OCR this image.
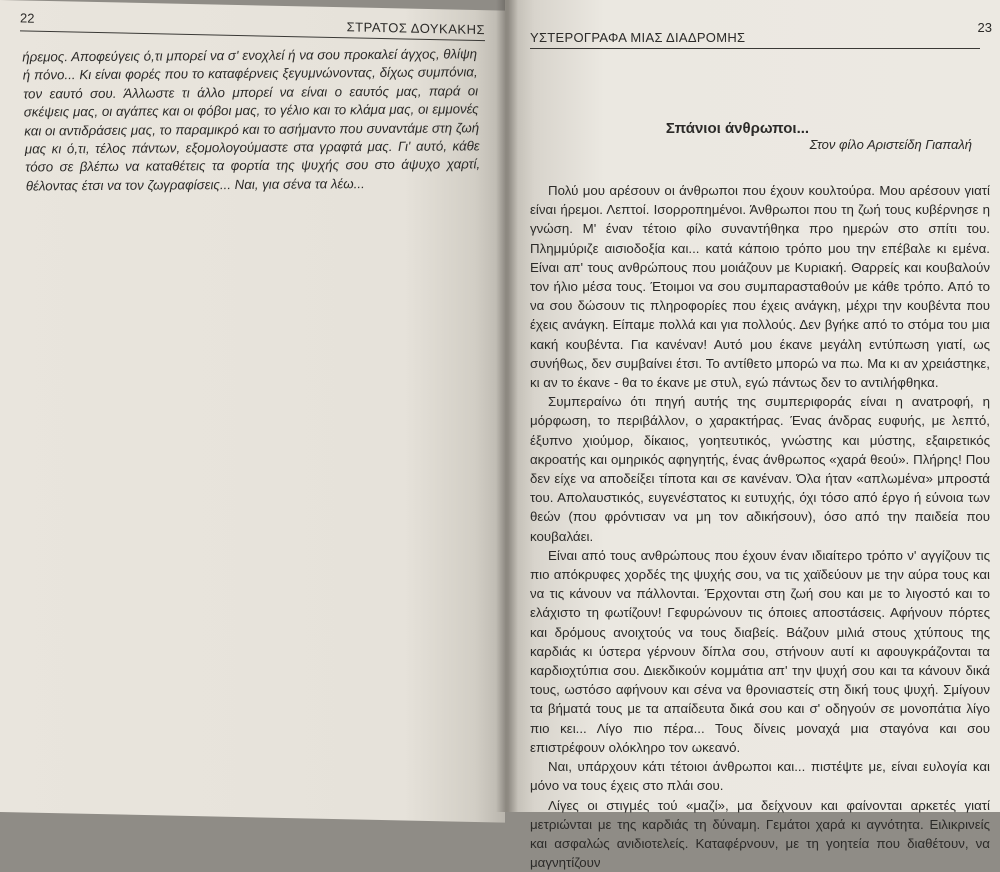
22
ΣΤΡΑΤΟΣ ΔΟΥΚΑΚΗΣ

ήρεμος. Αποφεύγεις ό,τι μπορεί να σ' ενοχλεί ή να σου προκαλεί άγχος, θλίψη ή πόνο... Κι είναι φορές που το καταφέρνεις ξεγυμνώνοντας, δίχως συμπόνια, τον εαυτό σου. Άλλωστε τι άλλο μπορεί να είναι ο εαυτός μας, παρά οι σκέψεις μας, οι αγάπες και οι φόβοι μας, το γέλιο και το κλάμα μας, οι εμμονές και οι αντιδράσεις μας, το παραμικρό και το ασήμαντο που συναντάμε στη ζωή μας κι ό,τι, τέλος πάντων, εξομολογούμαστε στα γραφτά μας. Γι' αυτό, κάθε τόσο σε βλέπω να καταθέτεις τα φορτία της ψυχής σου στο άψυχο χαρτί, θέλοντας έτσι να τον ζωγραφίσεις... Ναι, για σένα τα λέω...

ΥΣΤΕΡΟΓΡΑΦΑ ΜΙΑΣ ΔΙΑΔΡΟΜΗΣ
23
Σπάνιοι άνθρωποι...
Στον φίλο Αριστείδη Γιαπαλή

Πολύ μου αρέσουν οι άνθρωποι που έχουν κουλτούρα. Μου αρέσουν γιατί είναι ήρεμοι. Λεπτοί. Ισορροπημένοι. Άνθρωποι που τη ζωή τους κυβέρνησε η γνώση. Μ' έναν τέτοιο φίλο συναντήθηκα προ ημερών στο σπίτι του. Πλημμύριζε αισιοδοξία και... κατά κάποιο τρόπο μου την επέβαλε κι εμένα. Είναι απ' τους ανθρώπους που μοιάζουν με Κυριακή. Θαρρείς και κουβαλούν τον ήλιο μέσα τους. Έτοιμοι να σου συμπαρασταθούν με κάθε τρόπο. Από το να σου δώσουν τις πληροφορίες που έχεις ανάγκη, μέχρι την κουβέντα που έχεις ανάγκη. Είπαμε πολλά και για πολλούς. Δεν βγήκε από το στόμα του μια κακή κουβέντα. Για κανέναν! Αυτό μου έκανε μεγάλη εντύπωση γιατί, ως συνήθως, δεν συμβαίνει έτσι. Το αντίθετο μπορώ να πω. Μα κι αν χρειάστηκε, κι αν το έκανε - θα το έκανε με στυλ, εγώ πάντως δεν το αντιλήφθηκα.

Συμπεραίνω ότι πηγή αυτής της συμπεριφοράς είναι η ανατροφή, η μόρφωση, το περιβάλλον, ο χαρακτήρας. Ένας άνδρας ευφυής, με λεπτό, έξυπνο χιούμορ, δίκαιος, γοητευτικός, γνώστης και μύστης, εξαιρετικός ακροατής και ομηρικός αφηγητής, ένας άνθρωπος «χαρά θεού». Πλήρης! Που δεν είχε να αποδείξει τίποτα και σε κανέναν. Όλα ήταν «απλωμένα» μπροστά του. Απολαυστικός, ευγενέστατος κι ευτυχής, όχι τόσο από έργο ή εύνοια των θεών (που φρόντισαν να μη τον αδικήσουν), όσο από την παιδεία που κουβαλάει.

Είναι από τους ανθρώπους που έχουν έναν ιδιαίτερο τρόπο ν' αγγίζουν τις πιο απόκρυφες χορδές της ψυχής σου, να τις χαϊδεύουν με την αύρα τους και να τις κάνουν να πάλλονται. Έρχονται στη ζωή σου και με το λιγοστό και το ελάχιστο τη φωτίζουν! Γεφυρώνουν τις όποιες αποστάσεις. Αφήνουν πόρτες και δρόμους ανοιχτούς να τους διαβείς. Βάζουν μιλιά στους χτύπους της καρδιάς κι ύστερα γέρνουν δίπλα σου, στήνουν αυτί κι αφουγκράζονται τα καρδιοχτύπια σου. Διεκδικούν κομμάτια απ' την ψυχή σου και τα κάνουν δικά τους, ωστόσο αφήνουν και σένα να θρονιαστείς στη δική τους ψυχή. Σμίγουν τα βήματά τους με τα απαίδευτα δικά σου και σ' οδηγούν σε μονοπάτια λίγο πιο κει... Λίγο πιο πέρα... Τους δίνεις μοναχά μια σταγόνα και σου επιστρέφουν ολόκληρο τον ωκεανό.

Ναι, υπάρχουν κάτι τέτοιοι άνθρωποι και... πιστέψτε με, είναι ευλογία και μόνο να τους έχεις στο πλάι σου.

Λίγες οι στιγμές τού «μαζί», μα δείχνουν και φαίνονται αρκετές γιατί μετριώνται με της καρδιάς τη δύναμη. Γεμάτοι χαρά κι αγνότητα. Ειλικρινείς και ασφαλώς ανιδιοτελείς. Καταφέρνουν, με τη γοητεία που διαθέτουν, να μαγνητίζουν
